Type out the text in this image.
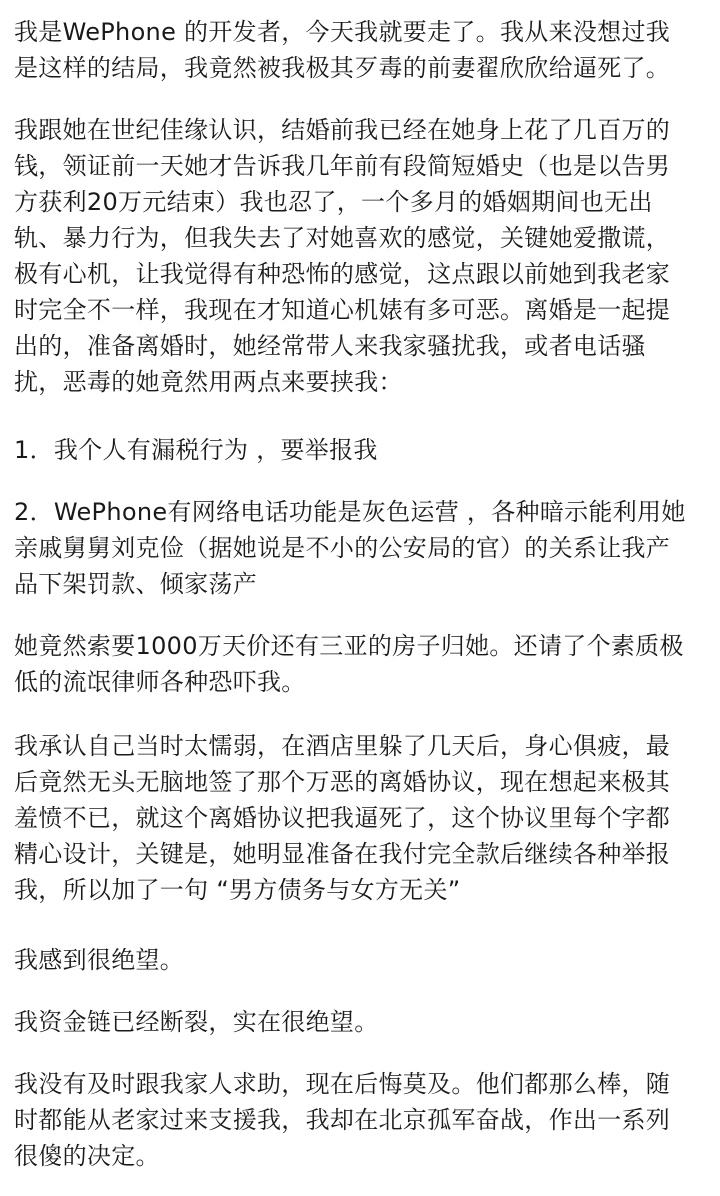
我是WePhone 的开发者，今天我就要走了。我从来没想过我
是这样的结局，我竟然被我极其歹毒的前妻翟欣欣给逼死了。
我跟她在世纪佳缘认识，结婚前我已经在她身上花了几百万的
钱，领证前一天她才告诉我几年前有段简短婚史（也是以告男
方获利20万元结束）我也忍了，一个多月的婚姻期间也无出
轨、暴力行为，但我失去了对她喜欢的感觉，关键她爱撒谎，
极有心机，让我觉得有种恐怖的感觉，这点跟以前她到我老家
时完全不一样，我现在才知道心机婊有多可恶。离婚是一起提
出的，准备离婚时，她经常带人来我家骚扰我，或者电话骚
扰，恶毒的她竟然用两点来要挟我：
1．我个人有漏税行为 ，要举报我
2．WePhone有网络电话功能是灰色运营 ，各种暗示能利用她
亲戚舅舅刘克俭（据她说是不小的公安局的官）的关系让我产
品下架罚款、倾家荡产
她竟然索要1000万天价还有三亚的房子归她。还请了个素质极
低的流氓律师各种恐吓我。
我承认自己当时太懦弱，在酒店里躲了几天后，身心俱疲，最
后竟然无头无脑地签了那个万恶的离婚协议，现在想起来极其
羞愤不已，就这个离婚协议把我逼死了，这个协议里每个字都
精心设计，关键是，她明显准备在我付完全款后继续各种举报
我，所以加了一句 “男方债务与女方无关”
我感到很绝望。
我资金链已经断裂，实在很绝望。
我没有及时跟我家人求助，现在后悔莫及。他们都那么棒，随
时都能从老家过来支援我，我却在北京孤军奋战，作出一系列
很傻的决定。
